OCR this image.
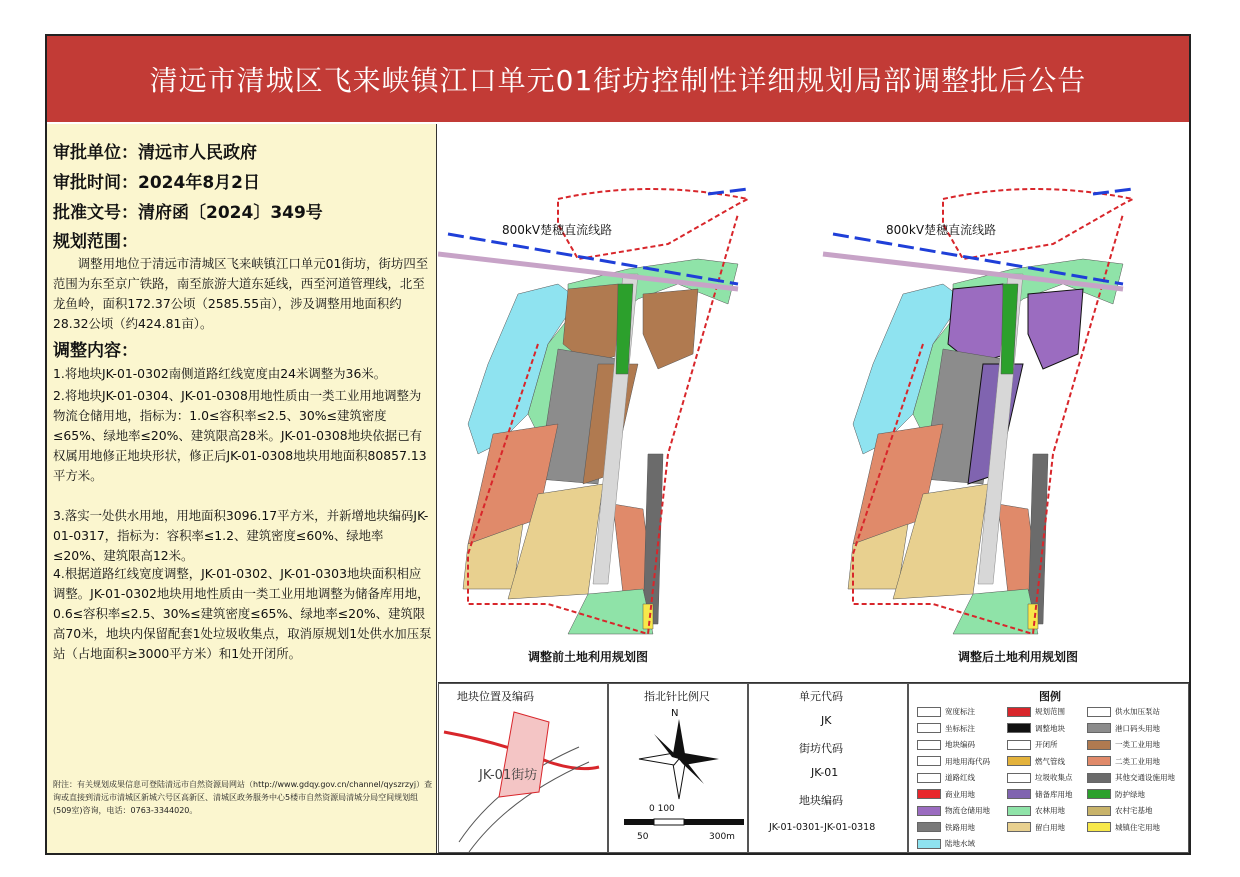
清远市清城区飞来峡镇江口单元01街坊控制性详细规划局部调整批后公告
审批单位：清远市人民政府
审批时间：2024年8月2日
批准文号：清府函〔2024〕349号
规划范围：
调整用地位于清远市清城区飞来峡镇江口单元01街坊，街坊四至范围为东至京广铁路，南至旅游大道东延线，西至河道管理线，北至龙鱼岭，面积172.37公顷（2585.55亩），涉及调整用地面积约28.32公顷（约424.81亩）。
调整内容：
1.将地块JK-01-0302南侧道路红线宽度由24米调整为36米。
2.将地块JK-01-0304、JK-01-0308用地性质由一类工业用地调整为物流仓储用地，指标为：1.0≤容积率≤2.5、30%≤建筑密度≤65%、绿地率≤20%、建筑限高28米。JK-01-0308地块依据已有权属用地修正地块形状，修正后JK-01-0308地块用地面积80857.13平方米。
3.落实一处供水用地，用地面积3096.17平方米，并新增地块编码JK-01-0317，指标为：容积率≤1.2、建筑密度≤60%、绿地率≤20%、建筑限高12米。
4.根据道路红线宽度调整，JK-01-0302、JK-01-0303地块面积相应调整。JK-01-0302地块用地性质由一类工业用地调整为储备库用地，0.6≤容积率≤2.5、30%≤建筑密度≤65%、绿地率≤20%、建筑限高70米，地块内保留配套1处垃圾收集点，取消原规划1处供水加压泵站（占地面积≥3000平方米）和1处开闭所。
附注：有关规划成果信息可登陆清远市自然资源局网站（http://www.gdqy.gov.cn/channel/qyszrzyj）查询或直接到清远市清城区新城六号区高新区、清城区政务服务中心5楼市自然资源局清城分局空间规划组(509室)咨询，电话：0763-3344020。
800kV楚穗直流线路	800kV楚穗直流线路
调整前土地利用规划图	调整后土地利用规划图
地块位置及编码
JK-01街坊
指北针比例尺
N
0 100
50	300m
单元代码
JK
街坊代码
JK-01
地块编码
JK-01-0301-JK-01-0318
图例
宽度标注	规划范围	供水加压泵站
坐标标注	调整地块	港口码头用地
地块编码	开闭所	一类工业用地
用地用海代码	燃气管线	二类工业用地
道路红线	垃圾收集点	其他交通设施用地
商业用地	储备库用地	防护绿地
物流仓储用地	农林用地	农村宅基地
铁路用地	留白用地	城镇住宅用地
陆地水域
